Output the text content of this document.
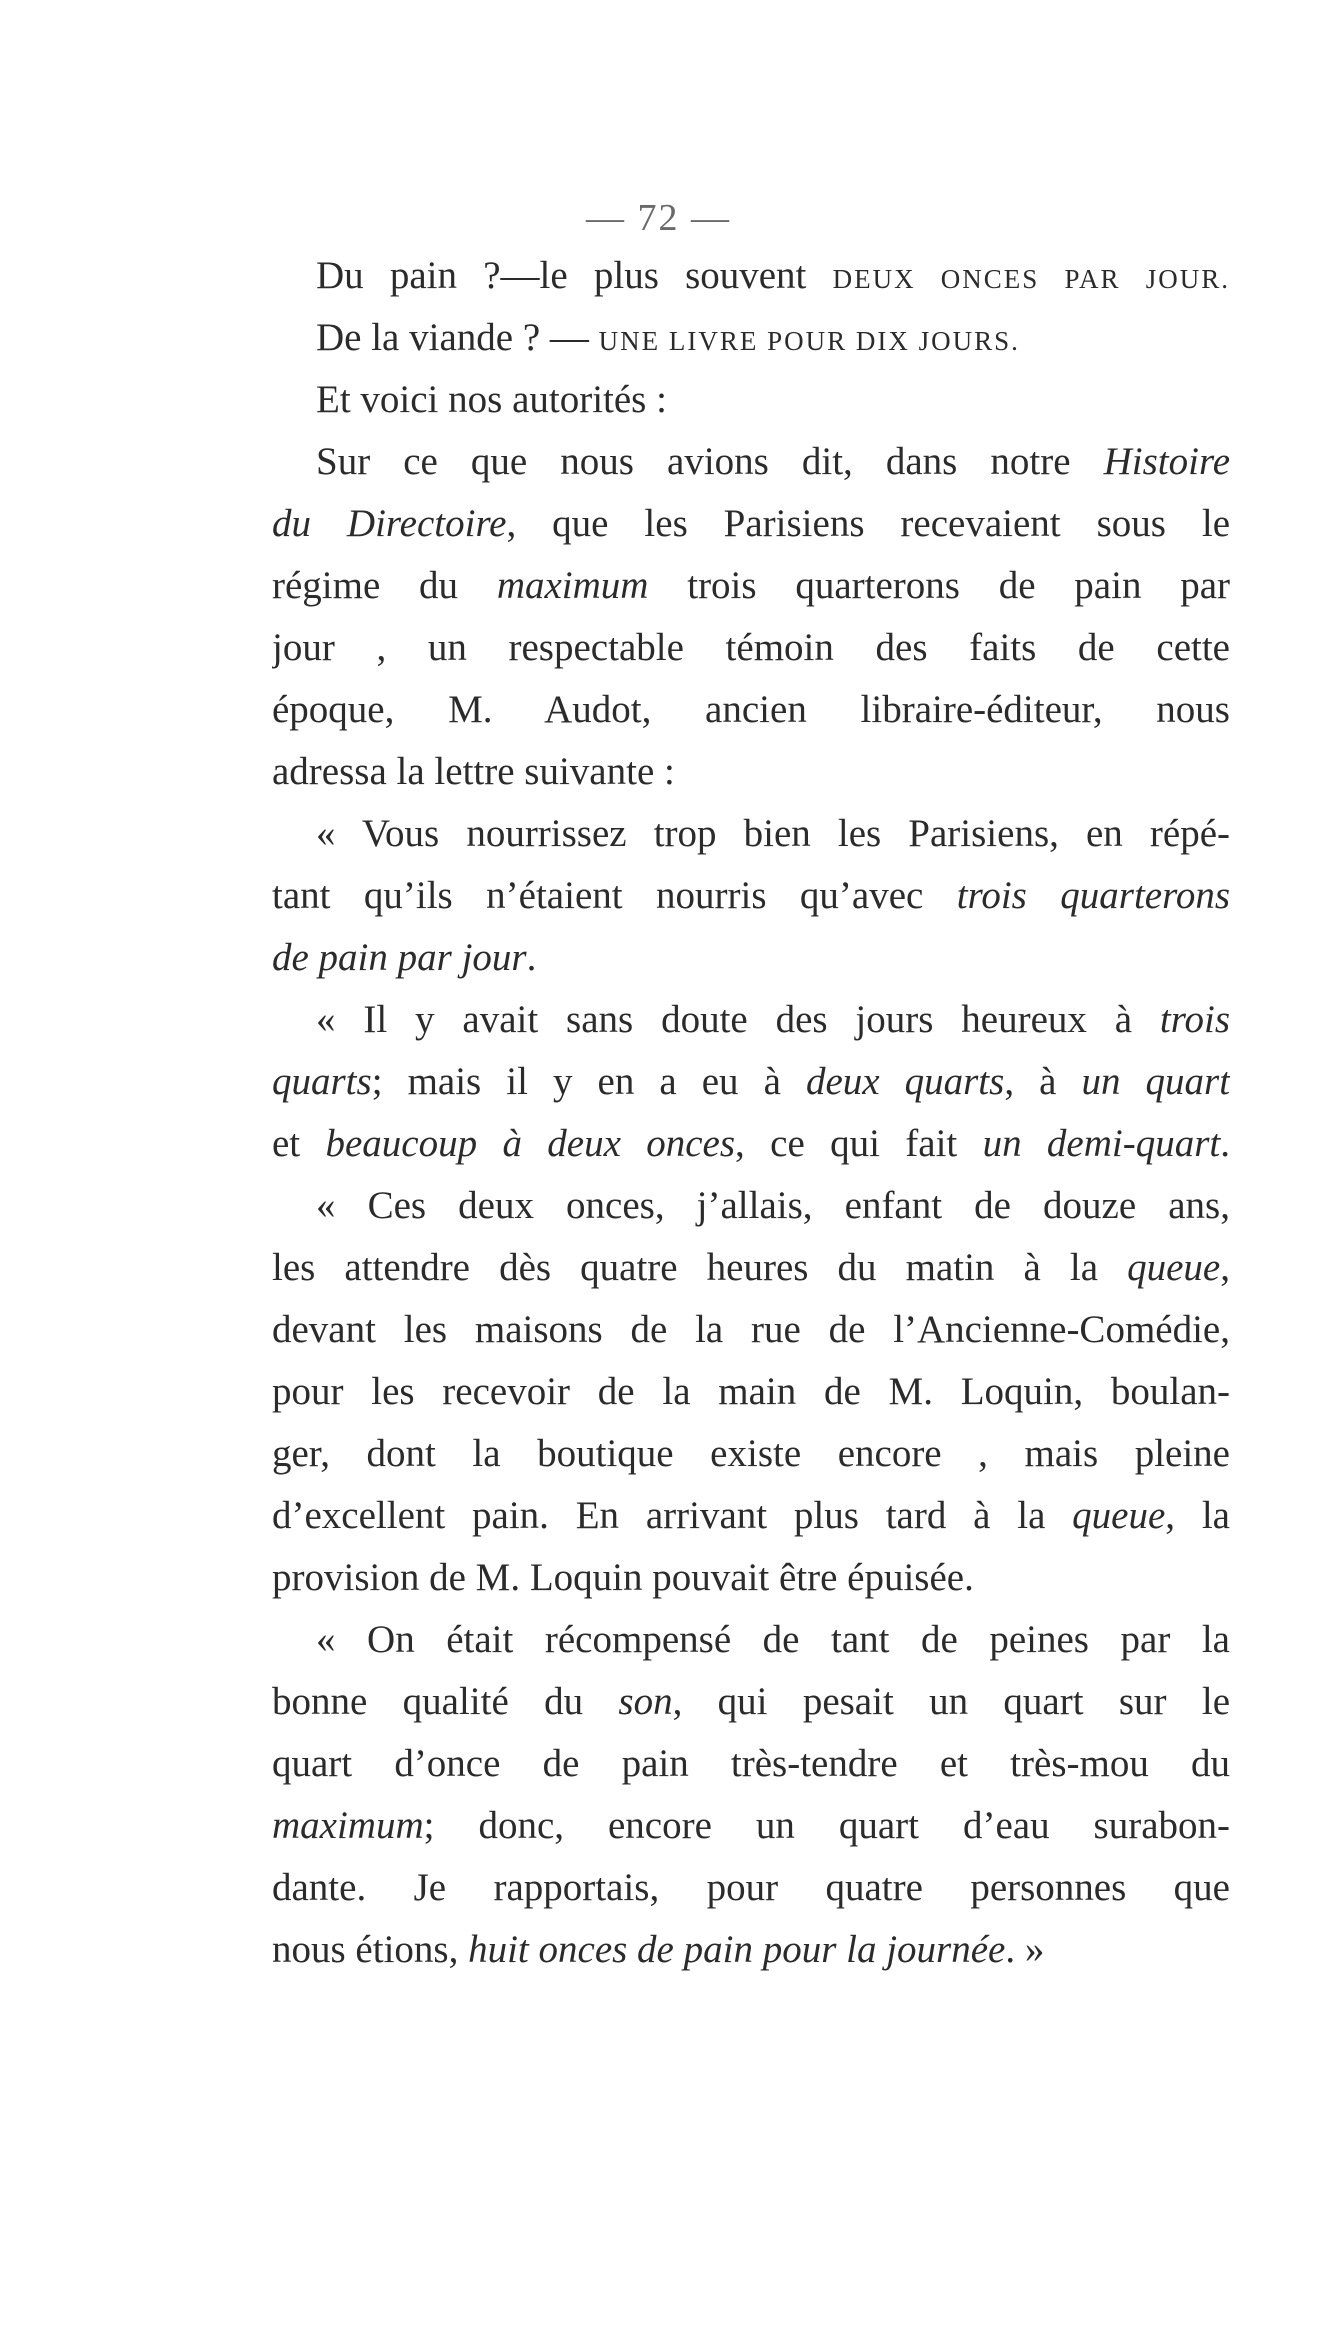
— 72 —
Du pain ?—le plus souvent DEUX ONCES PAR JOUR.
De la viande ? — UNE LIVRE POUR DIX JOURS.
Et voici nos autorités :
Sur ce que nous avions dit, dans notre Histoire
du Directoire, que les Parisiens recevaient sous le
régime du maximum trois quarterons de pain par
jour , un respectable témoin des faits de cette
époque, M. Audot, ancien libraire-éditeur, nous
adressa la lettre suivante :
« Vous nourrissez trop bien les Parisiens, en répé-
tant qu’ils n’étaient nourris qu’avec trois quarterons
de pain par jour.
« Il y avait sans doute des jours heureux à trois
quarts; mais il y en a eu à deux quarts, à un quart
et beaucoup à deux onces, ce qui fait un demi-quart.
« Ces deux onces, j’allais, enfant de douze ans,
les attendre dès quatre heures du matin à la queue,
devant les maisons de la rue de l’Ancienne-Comédie,
pour les recevoir de la main de M. Loquin, boulan-
ger, dont la boutique existe encore , mais pleine
d’excellent pain. En arrivant plus tard à la queue, la
provision de M. Loquin pouvait être épuisée.
« On était récompensé de tant de peines par la
bonne qualité du son, qui pesait un quart sur le
quart d’once de pain très-tendre et très-mou du
maximum; donc, encore un quart d’eau surabon-
dante. Je rapportais, pour quatre personnes que
nous étions, huit onces de pain pour la journée. »
